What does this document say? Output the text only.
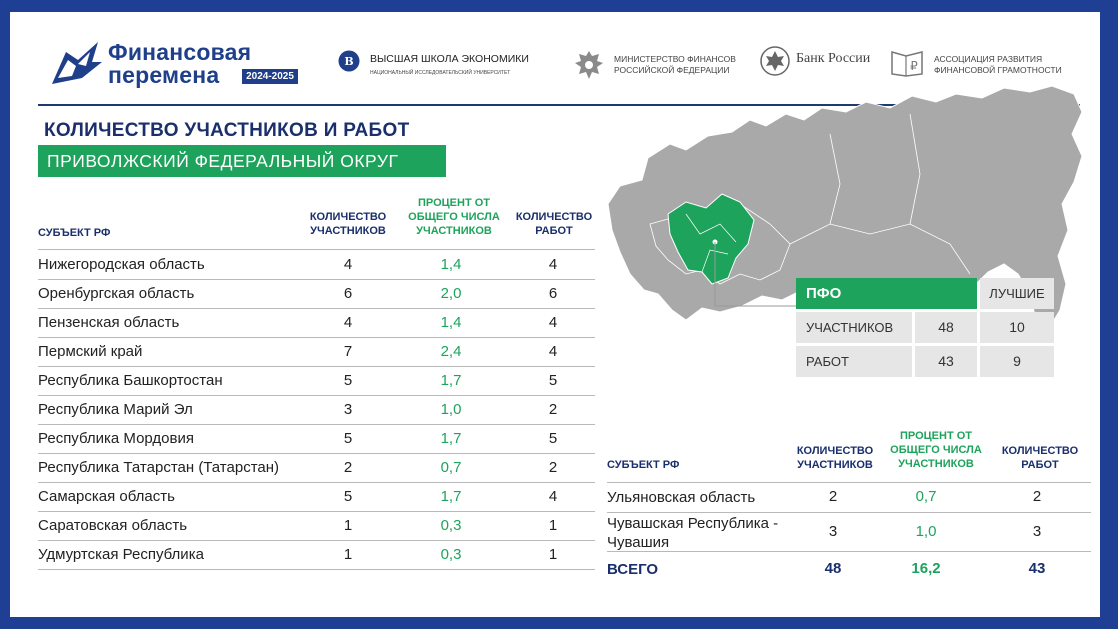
Финансовая
перемена	2024-2025
В ВЫСШАЯ ШКОЛА ЭКОНОМИКИ
НАЦИОНАЛЬНЫЙ ИССЛЕДОВАТЕЛЬСКИЙ УНИВЕРСИТЕТ
МИНИСТЕРСТВО ФИНАНСОВ
РОССИЙСКОЙ ФЕДЕРАЦИИ
Банк России	₽ АССОЦИАЦИЯ РАЗВИТИЯ
ФИНАНСОВОЙ ГРАМОТНОСТИ
КОЛИЧЕСТВО УЧАСТНИКОВ И РАБОТ
ПРИВОЛЖСКИЙ ФЕДЕРАЛЬНЫЙ ОКРУГ
СУБЪЕКТ РФ
КОЛИЧЕСТВО
УЧАСТНИКОВ
ПРОЦЕНТ ОТ
ОБЩЕГО ЧИСЛА
УЧАСТНИКОВ
КОЛИЧЕСТВО
РАБОТ
Нижегородская область	4	1,4	4
Оренбургская область	6	2,0	6
Пензенская область	4	1,4	4
Пермский край	7	2,4	4
Республика Башкортостан	5	1,7	5
Республика Марий Эл	3	1,0	2
Республика Мордовия	5	1,7	5
Республика Татарстан (Татарстан)	2	0,7	2
Самарская область	5	1,7	4
Саратовская область	1	0,3	1
Удмуртская Республика	1	0,3	1
ПФО	ЛУЧШИЕ
УЧАСТНИКОВ	48	10
РАБОТ	43	9
СУБЪЕКТ РФ
КОЛИЧЕСТВО
УЧАСТНИКОВ
ПРОЦЕНТ ОТ
ОБЩЕГО ЧИСЛА
УЧАСТНИКОВ
КОЛИЧЕСТВО
РАБОТ
Ульяновская область	2	0,7	2
Чувашская Республика -
Чувашия
3	1,0	3
ВСЕГО	48	16,2	43
